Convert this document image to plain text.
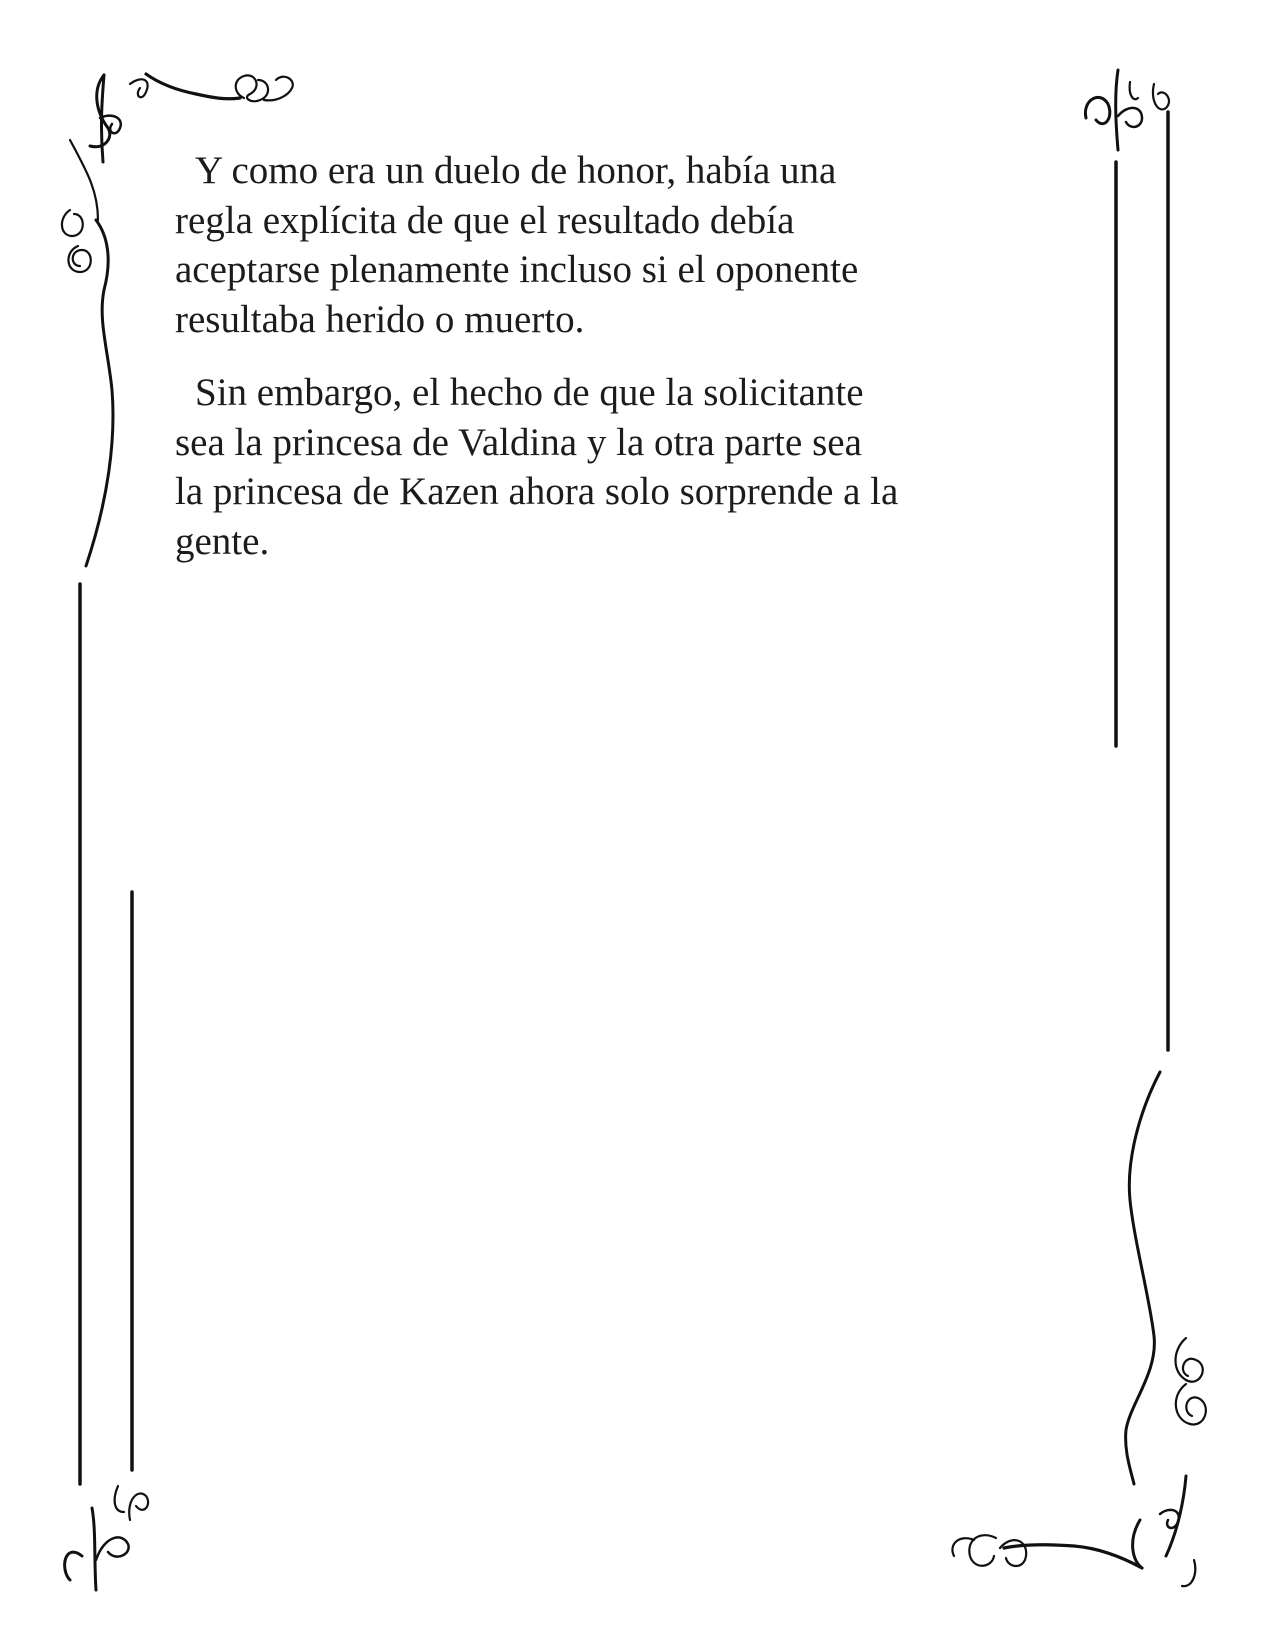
Y como era un duelo de honor, había una
regla explícita de que el resultado debía
aceptarse plenamente incluso si el oponente
resultaba herido o muerto.

Sin embargo, el hecho de que la solicitante
sea la princesa de Valdina y la otra parte sea
la princesa de Kazen ahora solo sorprende a la
gente.
